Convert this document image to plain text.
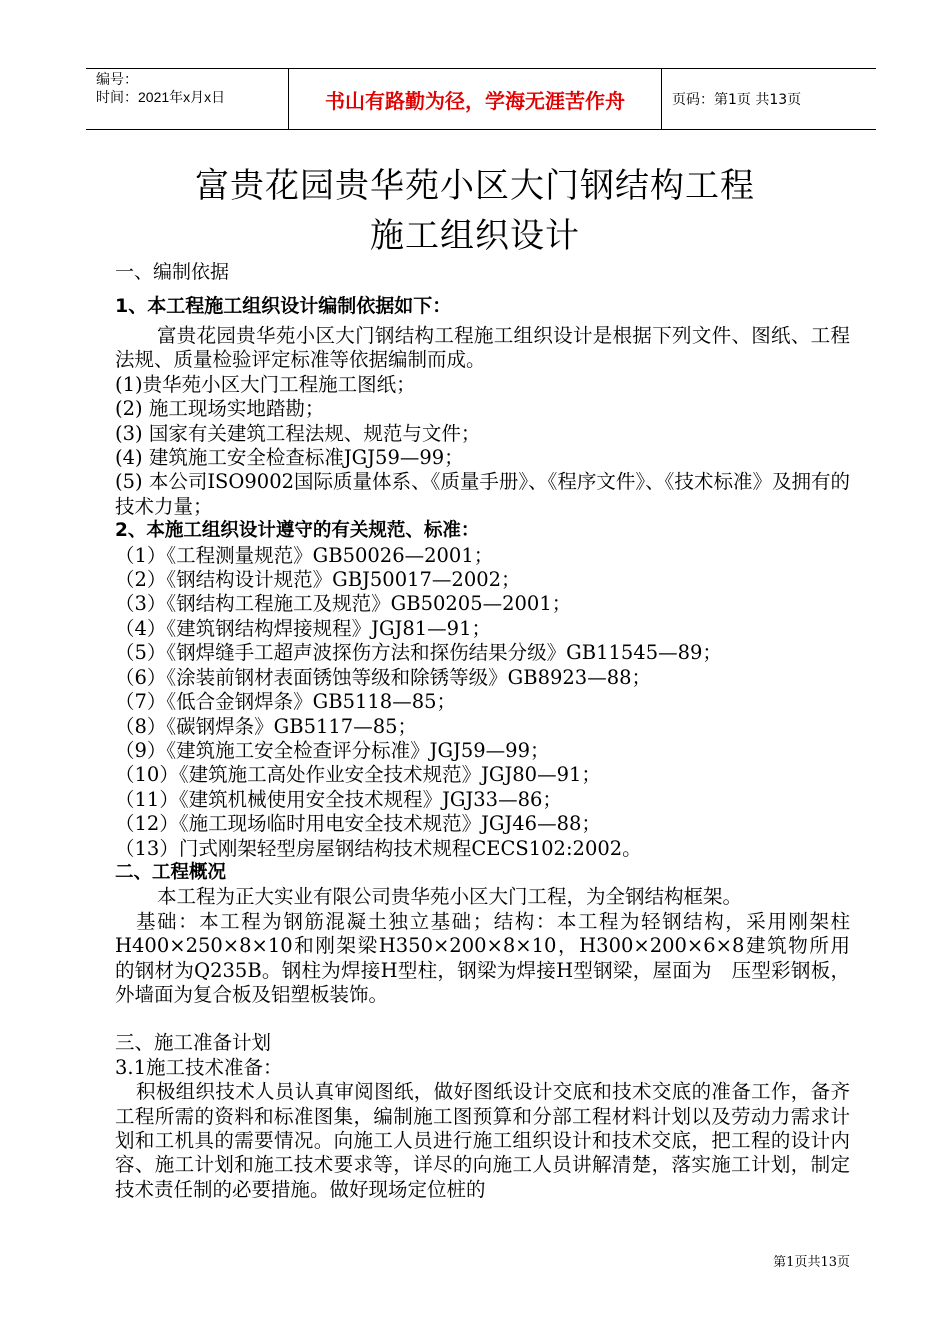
编号：
时间：2021年x月x日	书山有路勤为径，学海无涯苦作舟	页码：第1页 共13页
富贵花园贵华苑小区大门钢结构工程
施工组织设计

一、编制依据

1、本工程施工组织设计编制依据如下：

富贵花园贵华苑小区大门钢结构工程施工组织设计是根据下列文件、图纸、工程法规、质量检验评定标准等依据编制而成。

(1)贵华苑小区大门工程施工图纸；

(2) 施工现场实地踏勘；

(3) 国家有关建筑工程法规、规范与文件；

(4) 建筑施工安全检查标准JGJ59—99；

(5) 本公司ISO9002国际质量体系、《质量手册》、《程序文件》、《技术标准》及拥有的技术力量；

2、本施工组织设计遵守的有关规范、标准：

（1）《工程测量规范》GB50026—2001；

（2）《钢结构设计规范》GBJ50017—2002；

（3）《钢结构工程施工及规范》GB50205—2001；

（4）《建筑钢结构焊接规程》JGJ81—91；

（5）《钢焊缝手工超声波探伤方法和探伤结果分级》GB11545—89；

（6）《涂装前钢材表面锈蚀等级和除锈等级》GB8923—88；

（7）《低合金钢焊条》GB5118—85；

（8）《碳钢焊条》GB5117—85；

（9）《建筑施工安全检查评分标准》JGJ59—99；

（10）《建筑施工高处作业安全技术规范》JGJ80—91；

（11）《建筑机械使用安全技术规程》JGJ33—86；

（12）《施工现场临时用电安全技术规范》JGJ46—88；

（13）门式刚架轻型房屋钢结构技术规程CECS102:2002。

二、工程概况

本工程为正大实业有限公司贵华苑小区大门工程，为全钢结构框架。

基础：本工程为钢筋混凝土独立基础；结构：本工程为轻钢结构，采用刚架柱H400×250×8×10和刚架梁H350×200×8×10，H300×200×6×8建筑物所用的钢材为Q235B。钢柱为焊接H型柱，钢梁为焊接H型钢梁，屋面为　压型彩钢板，外墙面为复合板及铝塑板装饰。

三、施工准备计划

3.1施工技术准备：

积极组织技术人员认真审阅图纸，做好图纸设计交底和技术交底的准备工作，备齐工程所需的资料和标准图集，编制施工图预算和分部工程材料计划以及劳动力需求计划和工机具的需要情况。向施工人员进行施工组织设计和技术交底，把工程的设计内容、施工计划和施工技术要求等，详尽的向施工人员讲解清楚，落实施工计划，制定技术责任制的必要措施。做好现场定位桩的

第1页共13页
